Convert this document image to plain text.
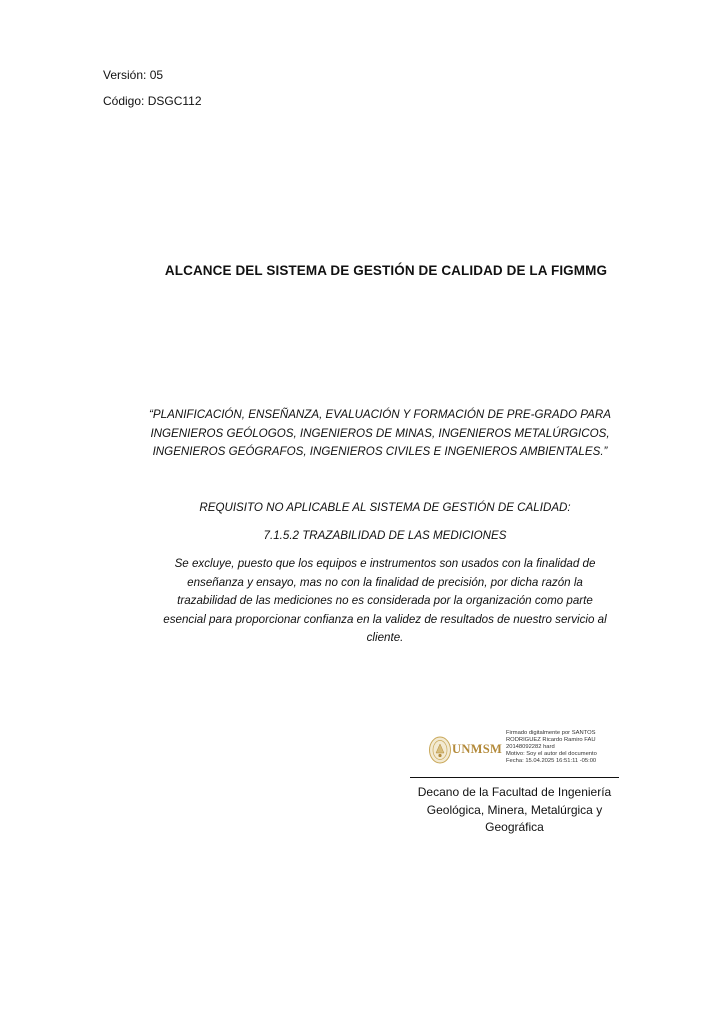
Versión: 05
Código: DSGC112
ALCANCE DEL SISTEMA DE GESTIÓN DE CALIDAD DE LA FIGMMG
“PLANIFICACIÓN, ENSEÑANZA, EVALUACIÓN Y FORMACIÓN DE PRE-GRADO PARA
INGENIEROS GEÓLOGOS, INGENIEROS DE MINAS, INGENIEROS METALÚRGICOS,
INGENIEROS GEÓGRAFOS, INGENIEROS CIVILES E INGENIEROS AMBIENTALES.”
REQUISITO NO APLICABLE AL SISTEMA DE GESTIÓN DE CALIDAD:
7.1.5.2 TRAZABILIDAD DE LAS MEDICIONES
Se excluye, puesto que los equipos e instrumentos son usados con la finalidad de
enseñanza y ensayo, mas no con la finalidad de precisión, por dicha razón la
trazabilidad de las mediciones no es considerada por la organización como parte
esencial para proporcionar confianza en la validez de resultados de nuestro servicio al
cliente.
UNMSM
Firmado digitalmente por SANTOS
RODRIGUEZ Ricardo Ramiro FAU
20148092282 hard
Motivo: Soy el autor del documento
Fecha: 15.04.2025 16:51:11 -05:00
Decano de la Facultad de Ingeniería
Geológica, Minera, Metalúrgica y
Geográfica
